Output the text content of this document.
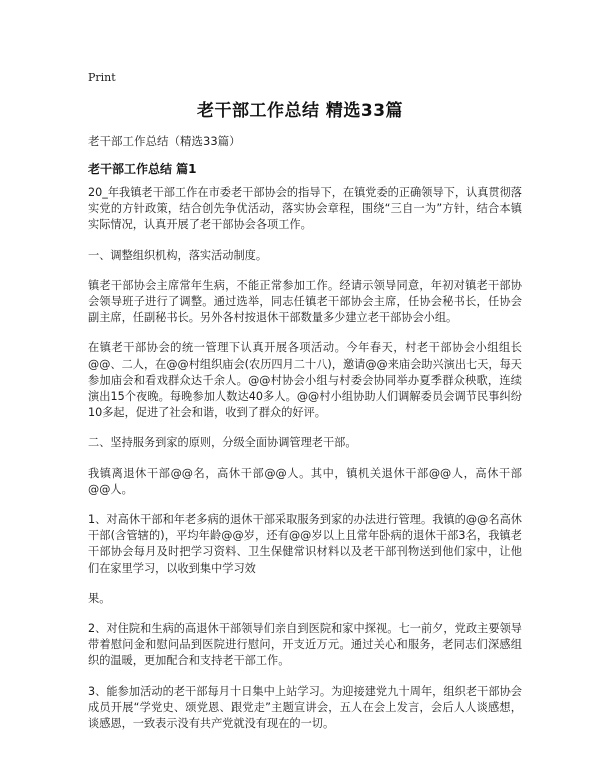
Print
老干部工作总结 精选33篇
老干部工作总结（精选33篇）
老干部工作总结 篇1

20_年我镇老干部工作在市委老干部协会的指导下，在镇党委的正确领导下，认真贯彻落实党的方针政策，结合创先争优活动，落实协会章程，围绕“三自一为”方针，结合本镇实际情况，认真开展了老干部协会各项工作。

一、调整组织机构，落实活动制度。

镇老干部协会主席常年生病，不能正常参加工作。经请示领导同意，年初对镇老干部协会领导班子进行了调整。通过选举，同志任镇老干部协会主席，任协会秘书长，任协会副主席，任副秘书长。另外各村按退休干部数量多少建立老干部协会小组。

在镇老干部协会的统一管理下认真开展各项活动。今年春天，村老干部协会小组组长@@、二人，在@@村组织庙会(农历四月二十八)，邀请@@来庙会助兴演出七天，每天参加庙会和看戏群众达千余人。@@村协会小组与村委会协同举办夏季群众秧歌，连续演出15个夜晚。每晚参加人数达40多人。@@村小组协助人们调解委员会调节民事纠纷10多起，促进了社会和谐，收到了群众的好评。

二、坚持服务到家的原则，分级全面协调管理老干部。

我镇离退休干部@@名，高休干部@@人。其中，镇机关退休干部@@人，高休干部@@人。

1、对高休干部和年老多病的退休干部采取服务到家的办法进行管理。我镇的@@名高休干部(含管辖的)，平均年龄@@岁，还有@@岁以上且常年卧病的退休干部3名，我镇老干部协会每月及时把学习资料、卫生保健常识材料以及老干部刊物送到他们家中，让他们在家里学习，以收到集中学习效

果。

2、对住院和生病的高退休干部领导们亲自到医院和家中探视。七一前夕，党政主要领导带着慰问金和慰问品到医院进行慰问，开支近万元。通过关心和服务，老同志们深感组织的温暖，更加配合和支持老干部工作。

3、能参加活动的老干部每月十日集中上站学习。为迎接建党九十周年，组织老干部协会成员开展“学党史、颂党恩、跟党走”主题宣讲会，五人在会上发言，会后人人谈感想，谈感恩，一致表示没有共产党就没有现在的一切。
